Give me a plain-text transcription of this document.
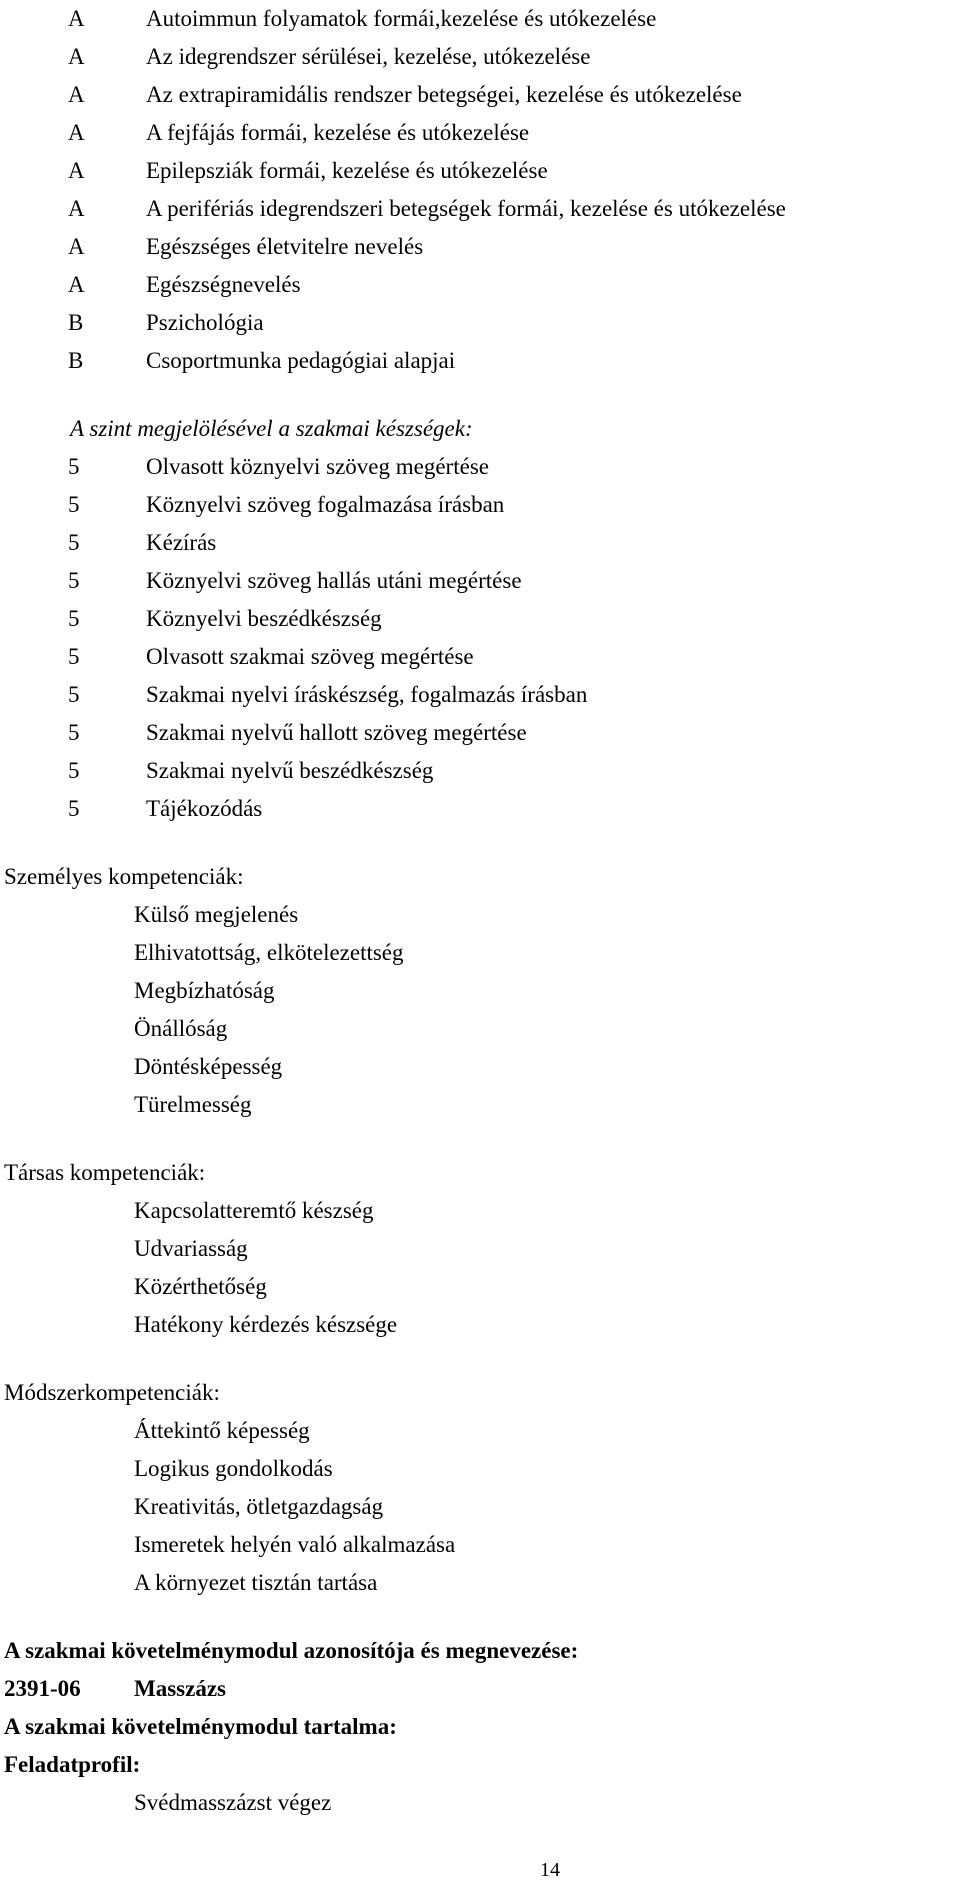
A	Autoimmun folyamatok formái,kezelése és utókezelése
A	Az idegrendszer sérülései, kezelése, utókezelése
A	Az extrapiramidális rendszer betegségei, kezelése és utókezelése
A	A fejfájás formái, kezelése és utókezelése
A	Epilepsziák formái, kezelése és utókezelése
A	A perifériás idegrendszeri betegségek formái, kezelése és utókezelése
A	Egészséges életvitelre nevelés
A	Egészségnevelés
B	Pszichológia
B	Csoportmunka pedagógiai alapjai
A szint megjelölésével a szakmai készségek:
5	Olvasott köznyelvi szöveg megértése
5	Köznyelvi szöveg fogalmazása írásban
5	Kézírás
5	Köznyelvi szöveg hallás utáni megértése
5	Köznyelvi beszédkészség
5	Olvasott szakmai szöveg megértése
5	Szakmai nyelvi íráskészség, fogalmazás írásban
5	Szakmai nyelvű hallott szöveg megértése
5	Szakmai nyelvű beszédkészség
5	Tájékozódás
Személyes kompetenciák:
Külső megjelenés
Elhivatottság, elkötelezettség
Megbízhatóság
Önállóság
Döntésképesség
Türelmesség
Társas kompetenciák:
Kapcsolatteremtő készség
Udvariasság
Közérthetőség
Hatékony kérdezés készsége
Módszerkompetenciák:
Áttekintő képesség
Logikus gondolkodás
Kreativitás, ötletgazdagság
Ismeretek helyén való alkalmazása
A környezet tisztán tartása
A szakmai követelménymodul azonosítója és megnevezése:
2391-06	Masszázs
A szakmai követelménymodul tartalma:
Feladatprofil:
Svédmasszázst végez
14
